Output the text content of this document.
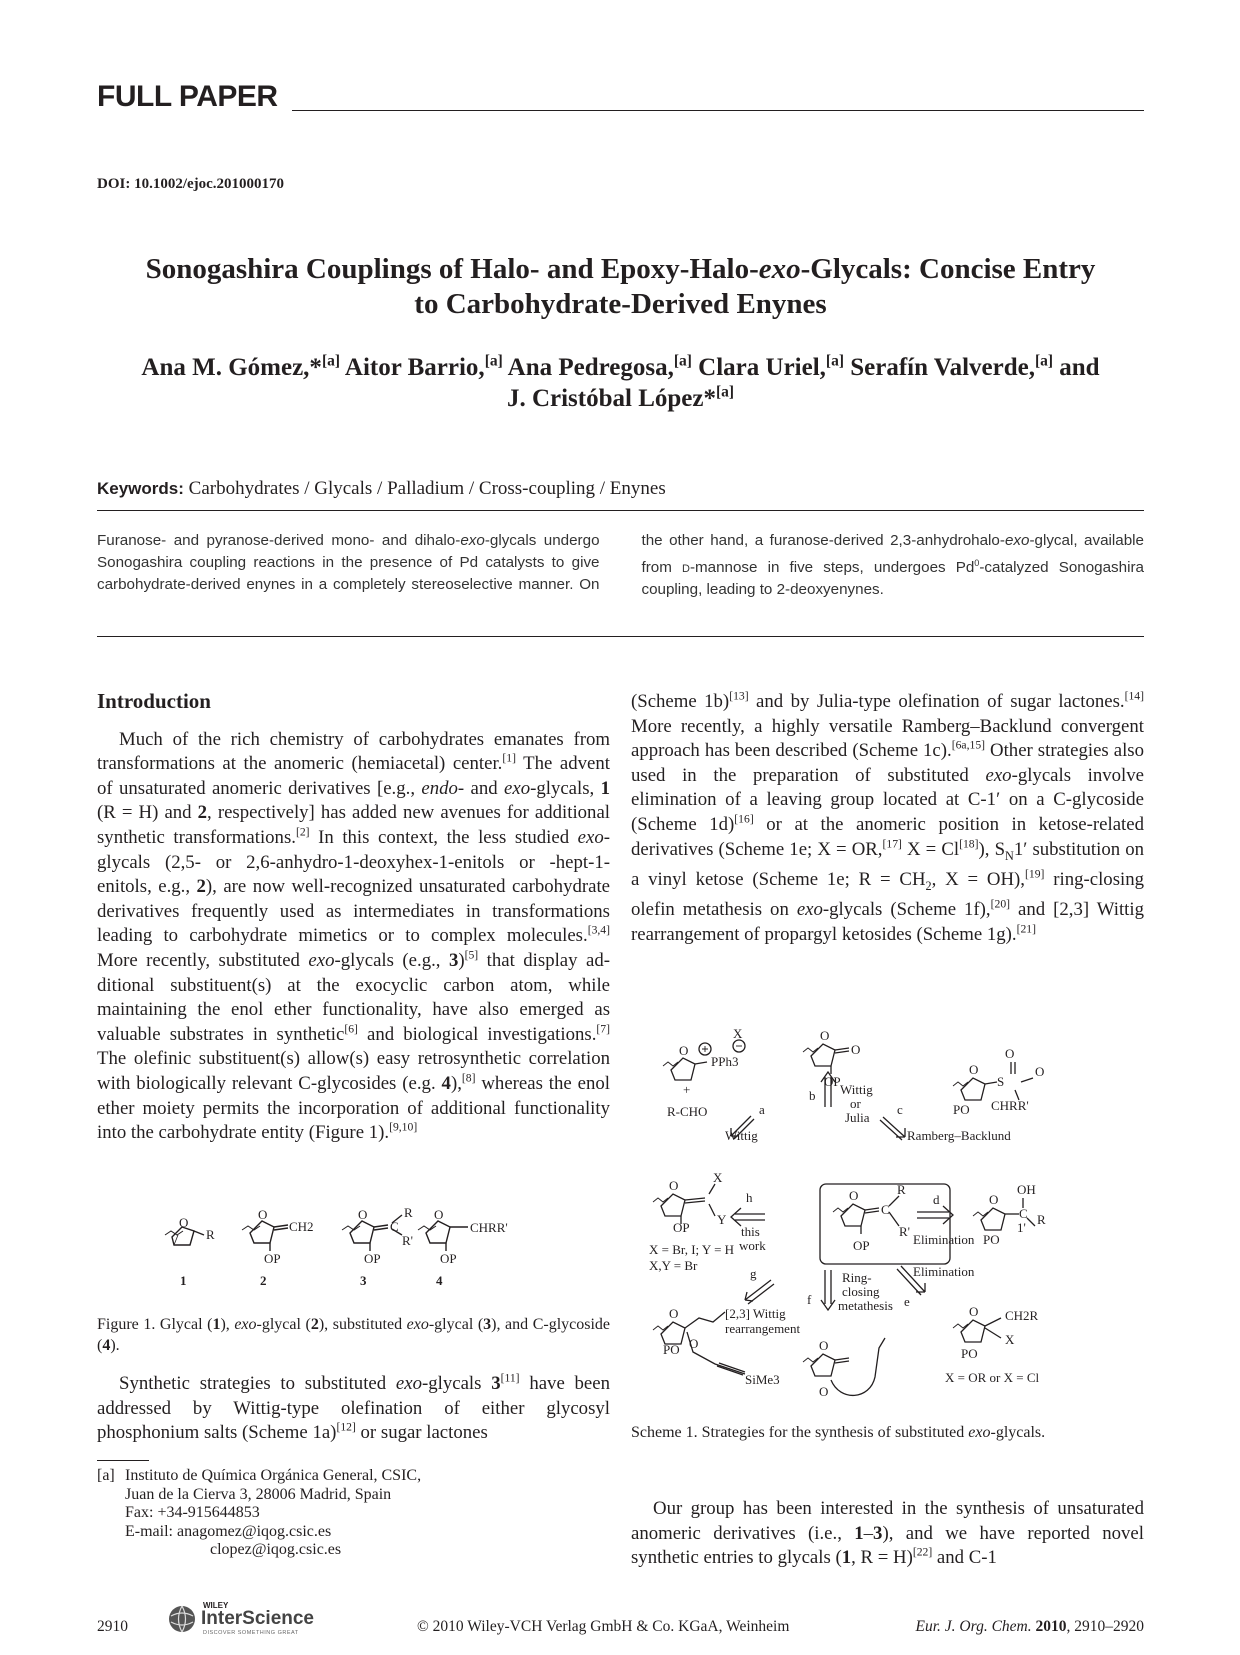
FULL PAPER
DOI: 10.1002/ejoc.201000170
Sonogashira Couplings of Halo- and Epoxy-Halo-exo-Glycals: Concise Entry
to Carbohydrate-Derived Enynes
Ana M. Gómez,*[a] Aitor Barrio,[a] Ana Pedregosa,[a] Clara Uriel,[a] Serafín Valverde,[a] and
J. Cristóbal López*[a]
Keywords: Carbohydrates / Glycals / Palladium / Cross-coupling / Enynes

Furanose- and pyranose-derived mono- and dihalo-exo-glycals undergo Sonogashira coupling reactions in the presence of Pd catalysts to give carbohydrate-derived enynes in a completely stereoselective manner. On the other hand, a furanose-derived 2,3-anhydrohalo-exo-glycal, available from d-mannose in five steps, undergoes Pd$^0$-catalyzed Sonogashira coupling, leading to 2-deoxyenynes.

Introduction

Much of the rich chemistry of carbohydrates emanates from transformations at the anomeric (hemiacetal) center.[1] The advent of unsaturated anomeric derivatives [e.g., endo- and exo-glycals, 1 (R = H) and 2, respectively] has added new avenues for additional synthetic transformations.[2] In this context, the less studied exo-glycals (2,5- or 2,6-anhydro-1-deoxyhex-1-enitols or -hept-1-enitols, e.g., 2), are now well-recognized unsaturated carbohydrate derivatives frequently used as intermediates in transformations leading to carbohydrate mimetics or to complex molecules.[3,4] More recently, substituted exo-glycals (e.g., 3)[5] that display additional substituent(s) at the exocyclic carbon atom, while maintaining the enol ether functionality, have also emerged as valuable substrates in synthetic[6] and biological investigations.[7] The olefinic substituent(s) allow(s) easy retrosynthetic correlation with biologically relevant C-glycosides (e.g. 4),[8] whereas the enol ether moiety permits the incorporation of additional functionality into the carbohydrate entity (Figure 1).[9,10]

O
R
O
CH2
OP
O
C
R
R'
OP
O
CHRR'
OP
1	2	3	4
Figure 1. Glycal (1), exo-glycal (2), substituted exo-glycal (3), and C-glycoside (4).

Synthetic strategies to substituted exo-glycals 3[11] have been addressed by Wittig-type olefination of either glycosyl phosphonium salts (Scheme 1a)[12] or sugar lactones

[a] Instituto de Química Orgánica General, CSIC,
Juan de la Cierva 3, 28006 Madrid, Spain
Fax: +34-915644853
E-mail: anagomez@iqog.csic.es
clopez@iqog.csic.es

(Scheme 1b)[13] and by Julia-type olefination of sugar lactones.[14] More recently, a highly versatile Ramberg–Backlund convergent approach has been described (Scheme 1c).[6a,15] Other strategies also used in the preparation of substituted exo-glycals involve elimination of a leaving group located at C-1′ on a C-glycoside (Scheme 1d)[16] or at the anomeric position in ketose-related derivatives (Scheme 1e; X = OR,[17] X = Cl[18]), $S_N1'$ substitution on a vinyl ketose (Scheme 1e; $R = CH_2$, X = OH),[19] ring-closing olefin metathesis on exo-glycals (Scheme 1f),[20] and [2,3] Wittig rearrangement of propargyl ketosides (Scheme 1g).[21]

O
X
PPh3
+
R-CHO	a
Wittig
O
O
OP
b Wittig
or
Julia
O
S
O
O
PO CHRR'
c
Ramberg–Backlund
O
X
Y
OP
X = Br, I; Y = H
X,Y = Br
h
this
work
O
C
R
R'
OP
d
Elimination
O
C
OH
1'
R
PO
g
[2,3] Wittig
rearrangement
f
Ring-
closing
metathesis
Elimination
e
O
PO O
SiMe3
O
O
O CH2R
X
PO
X = OR or X = Cl
Scheme 1. Strategies for the synthesis of substituted exo-glycals.

Our group has been interested in the synthesis of unsaturated anomeric derivatives (i.e., 1–3), and we have reported novel synthetic entries to glycals (1, R = H)[22] and C-1

2910
WILEY
InterScience
DISCOVER SOMETHING GREAT	© 2010 Wiley-VCH Verlag GmbH & Co. KGaA, Weinheim	Eur. J. Org. Chem. 2010, 2910–2920
